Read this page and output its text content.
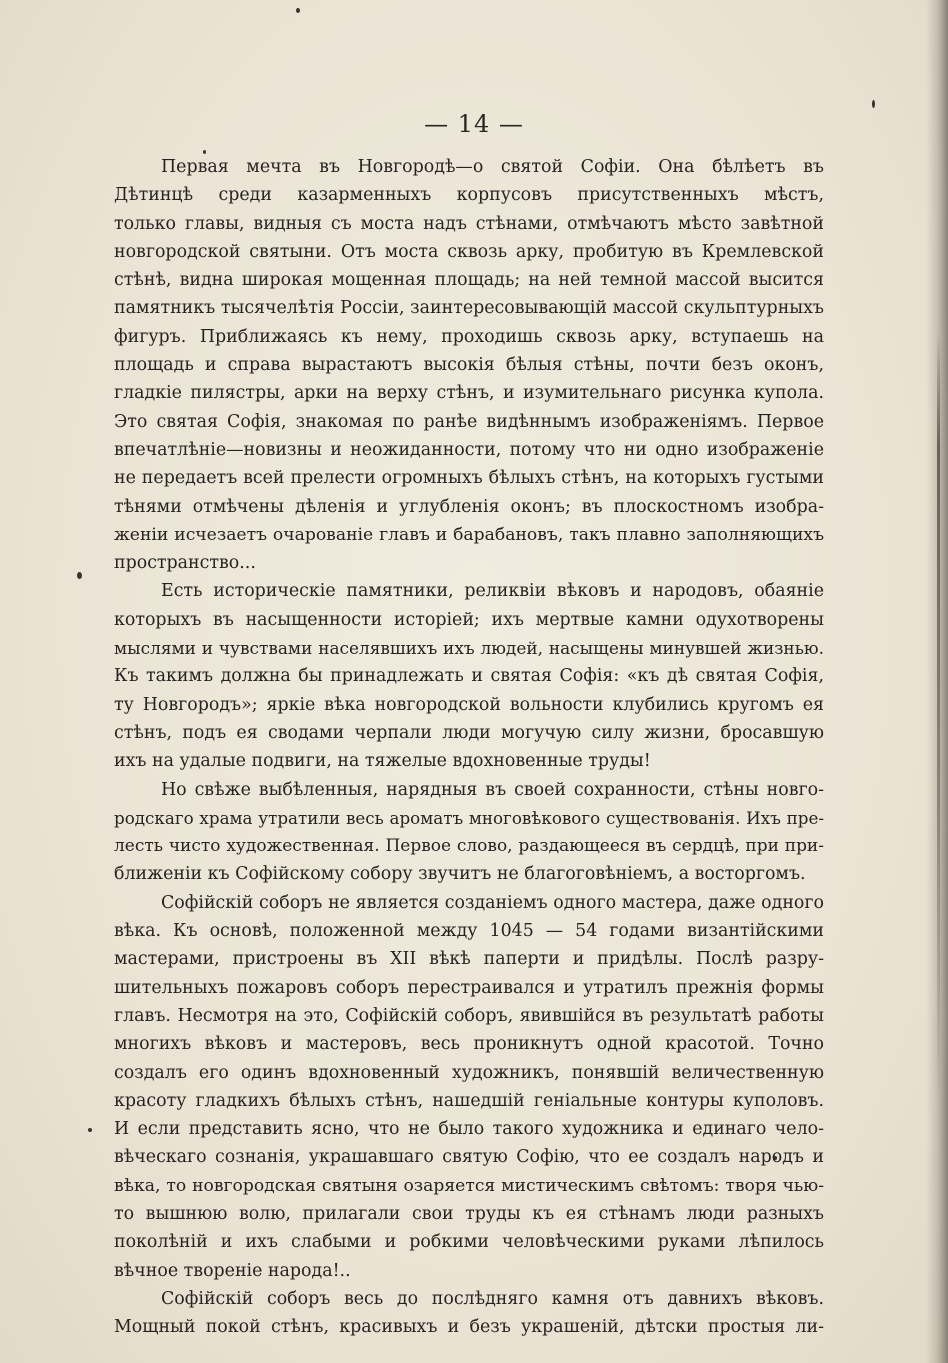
— 14 —
Первая мечта въ Новгородѣ—о святой Софіи. Она бѣлѣетъ въ
Дѣтинцѣ среди казарменныхъ корпусовъ присутственныхъ мѣстъ,
только главы, видныя съ моста надъ стѣнами, отмѣчаютъ мѣсто завѣтной
новгородской святыни. Отъ моста сквозь арку, пробитую въ Кремлевской
стѣнѣ, видна широкая мощенная площадь; на ней темной массой высится
памятникъ тысячелѣтія Россіи, заинтересовывающій массой скульптурныхъ
фигуръ. Приближаясь къ нему, проходишь сквозь арку, вступаешь на
площадь и справа вырастаютъ высокія бѣлыя стѣны, почти безъ оконъ,
гладкіе пилястры, арки на верху стѣнъ, и изумительнаго рисунка купола.
Это святая Софія, знакомая по ранѣе видѣннымъ изображеніямъ. Первое
впечатлѣніе—новизны и неожиданности, потому что ни одно изображеніе
не передаетъ всей прелести огромныхъ бѣлыхъ стѣнъ, на которыхъ густыми
тѣнями отмѣчены дѣленія и углубленія оконъ; въ плоскостномъ изобра-
женіи исчезаетъ очарованіе главъ и барабановъ, такъ плавно заполняющихъ
пространство...
Есть историческіе памятники, реликвіи вѣковъ и народовъ, обаяніе
которыхъ въ насыщенности исторіей; ихъ мертвые камни одухотворены
мыслями и чувствами населявшихъ ихъ людей, насыщены минувшей жизнью.
Къ такимъ должна бы принадлежать и святая Софія: «къ дѣ святая Софія,
ту Новгородъ»; яркіе вѣка новгородской вольности клубились кругомъ ея
стѣнъ, подъ ея сводами черпали люди могучую силу жизни, бросавшую
ихъ на удалые подвиги, на тяжелые вдохновенные труды!
Но свѣже выбѣленныя, нарядныя въ своей сохранности, стѣны новго-
родскаго храма утратили весь ароматъ многовѣкового существованія. Ихъ пре-
лесть чисто художественная. Первое слово, раздающееся въ сердцѣ, при при-
ближеніи къ Софійскому собору звучитъ не благоговѣніемъ, а восторгомъ.
Софійскій соборъ не является созданіемъ одного мастера, даже одного
вѣка. Къ основѣ, положенной между 1045 — 54 годами византійскими
мастерами, пристроены въ XII вѣкѣ паперти и придѣлы. Послѣ разру-
шительныхъ пожаровъ соборъ перестраивался и утратилъ прежнія формы
главъ. Несмотря на это, Софійскій соборъ, явившійся въ результатѣ работы
многихъ вѣковъ и мастеровъ, весь проникнутъ одной красотой. Точно
создалъ его одинъ вдохновенный художникъ, понявшій величественную
красоту гладкихъ бѣлыхъ стѣнъ, нашедшій геніальные контуры куполовъ.
И если представить ясно, что не было такого художника и единаго чело-
вѣческаго сознанія, украшавшаго святую Софію, что ее создалъ народъ и
вѣка, то новгородская святыня озаряется мистическимъ свѣтомъ: творя чью-
то вышнюю волю, прилагали свои труды къ ея стѣнамъ люди разныхъ
поколѣній и ихъ слабыми и робкими человѣческими руками лѣпилось
вѣчное твореніе народа!..
Софійскій соборъ весь до послѣдняго камня отъ давнихъ вѣковъ.
Мощный покой стѣнъ, красивыхъ и безъ украшеній, дѣтски простыя ли-
